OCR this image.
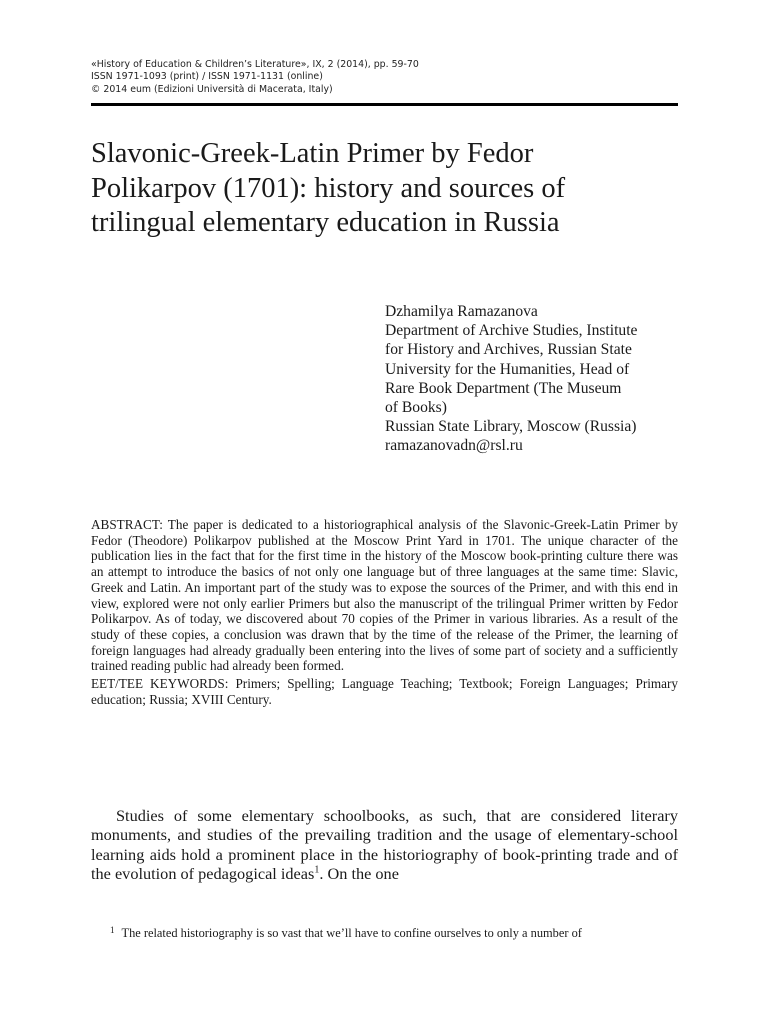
«History of Education & Children’s Literature», IX, 2 (2014), pp. 59-70
ISSN 1971-1093 (print) / ISSN 1971-1131 (online)
© 2014 eum (Edizioni Università di Macerata, Italy)
Slavonic-Greek-Latin Primer by Fedor
Polikarpov (1701): history and sources of
trilingual elementary education in Russia
Dzhamilya Ramazanova
Department of Archive Studies, Institute
for History and Archives, Russian State
University for the Humanities, Head of
Rare Book Department (The Museum
of Books)
Russian State Library, Moscow (Russia)
ramazanovadn@rsl.ru

ABSTRACT: The paper is dedicated to a historiographical analysis of the Slavonic-Greek-Latin Primer by Fedor (Theodore) Polikarpov published at the Moscow Print Yard in 1701. The unique character of the publication lies in the fact that for the first time in the history of the Moscow book-printing culture there was an attempt to introduce the basics of not only one language but of three languages at the same time: Slavic, Greek and Latin. An important part of the study was to expose the sources of the Primer, and with this end in view, explored were not only earlier Primers but also the manuscript of the trilingual Primer written by Fedor Polikarpov. As of today, we discovered about 70 copies of the Primer in various libraries. As a result of the study of these copies, a conclusion was drawn that by the time of the release of the Primer, the learning of foreign languages had already gradually been entering into the lives of some part of society and a sufficiently trained reading public had already been formed.

EET/TEE KEYWORDS: Primers; Spelling; Language Teaching; Textbook; Foreign Languages; Primary education; Russia; XVIII Century.

Studies of some elementary schoolbooks, as such, that are considered literary monuments, and studies of the prevailing tradition and the usage of elementary-school learning aids hold a prominent place in the historiography of book-printing trade and of the evolution of pedagogical ideas$^1$. On the one

$^1$ The related historiography is so vast that we’ll have to confine ourselves to only a number of
